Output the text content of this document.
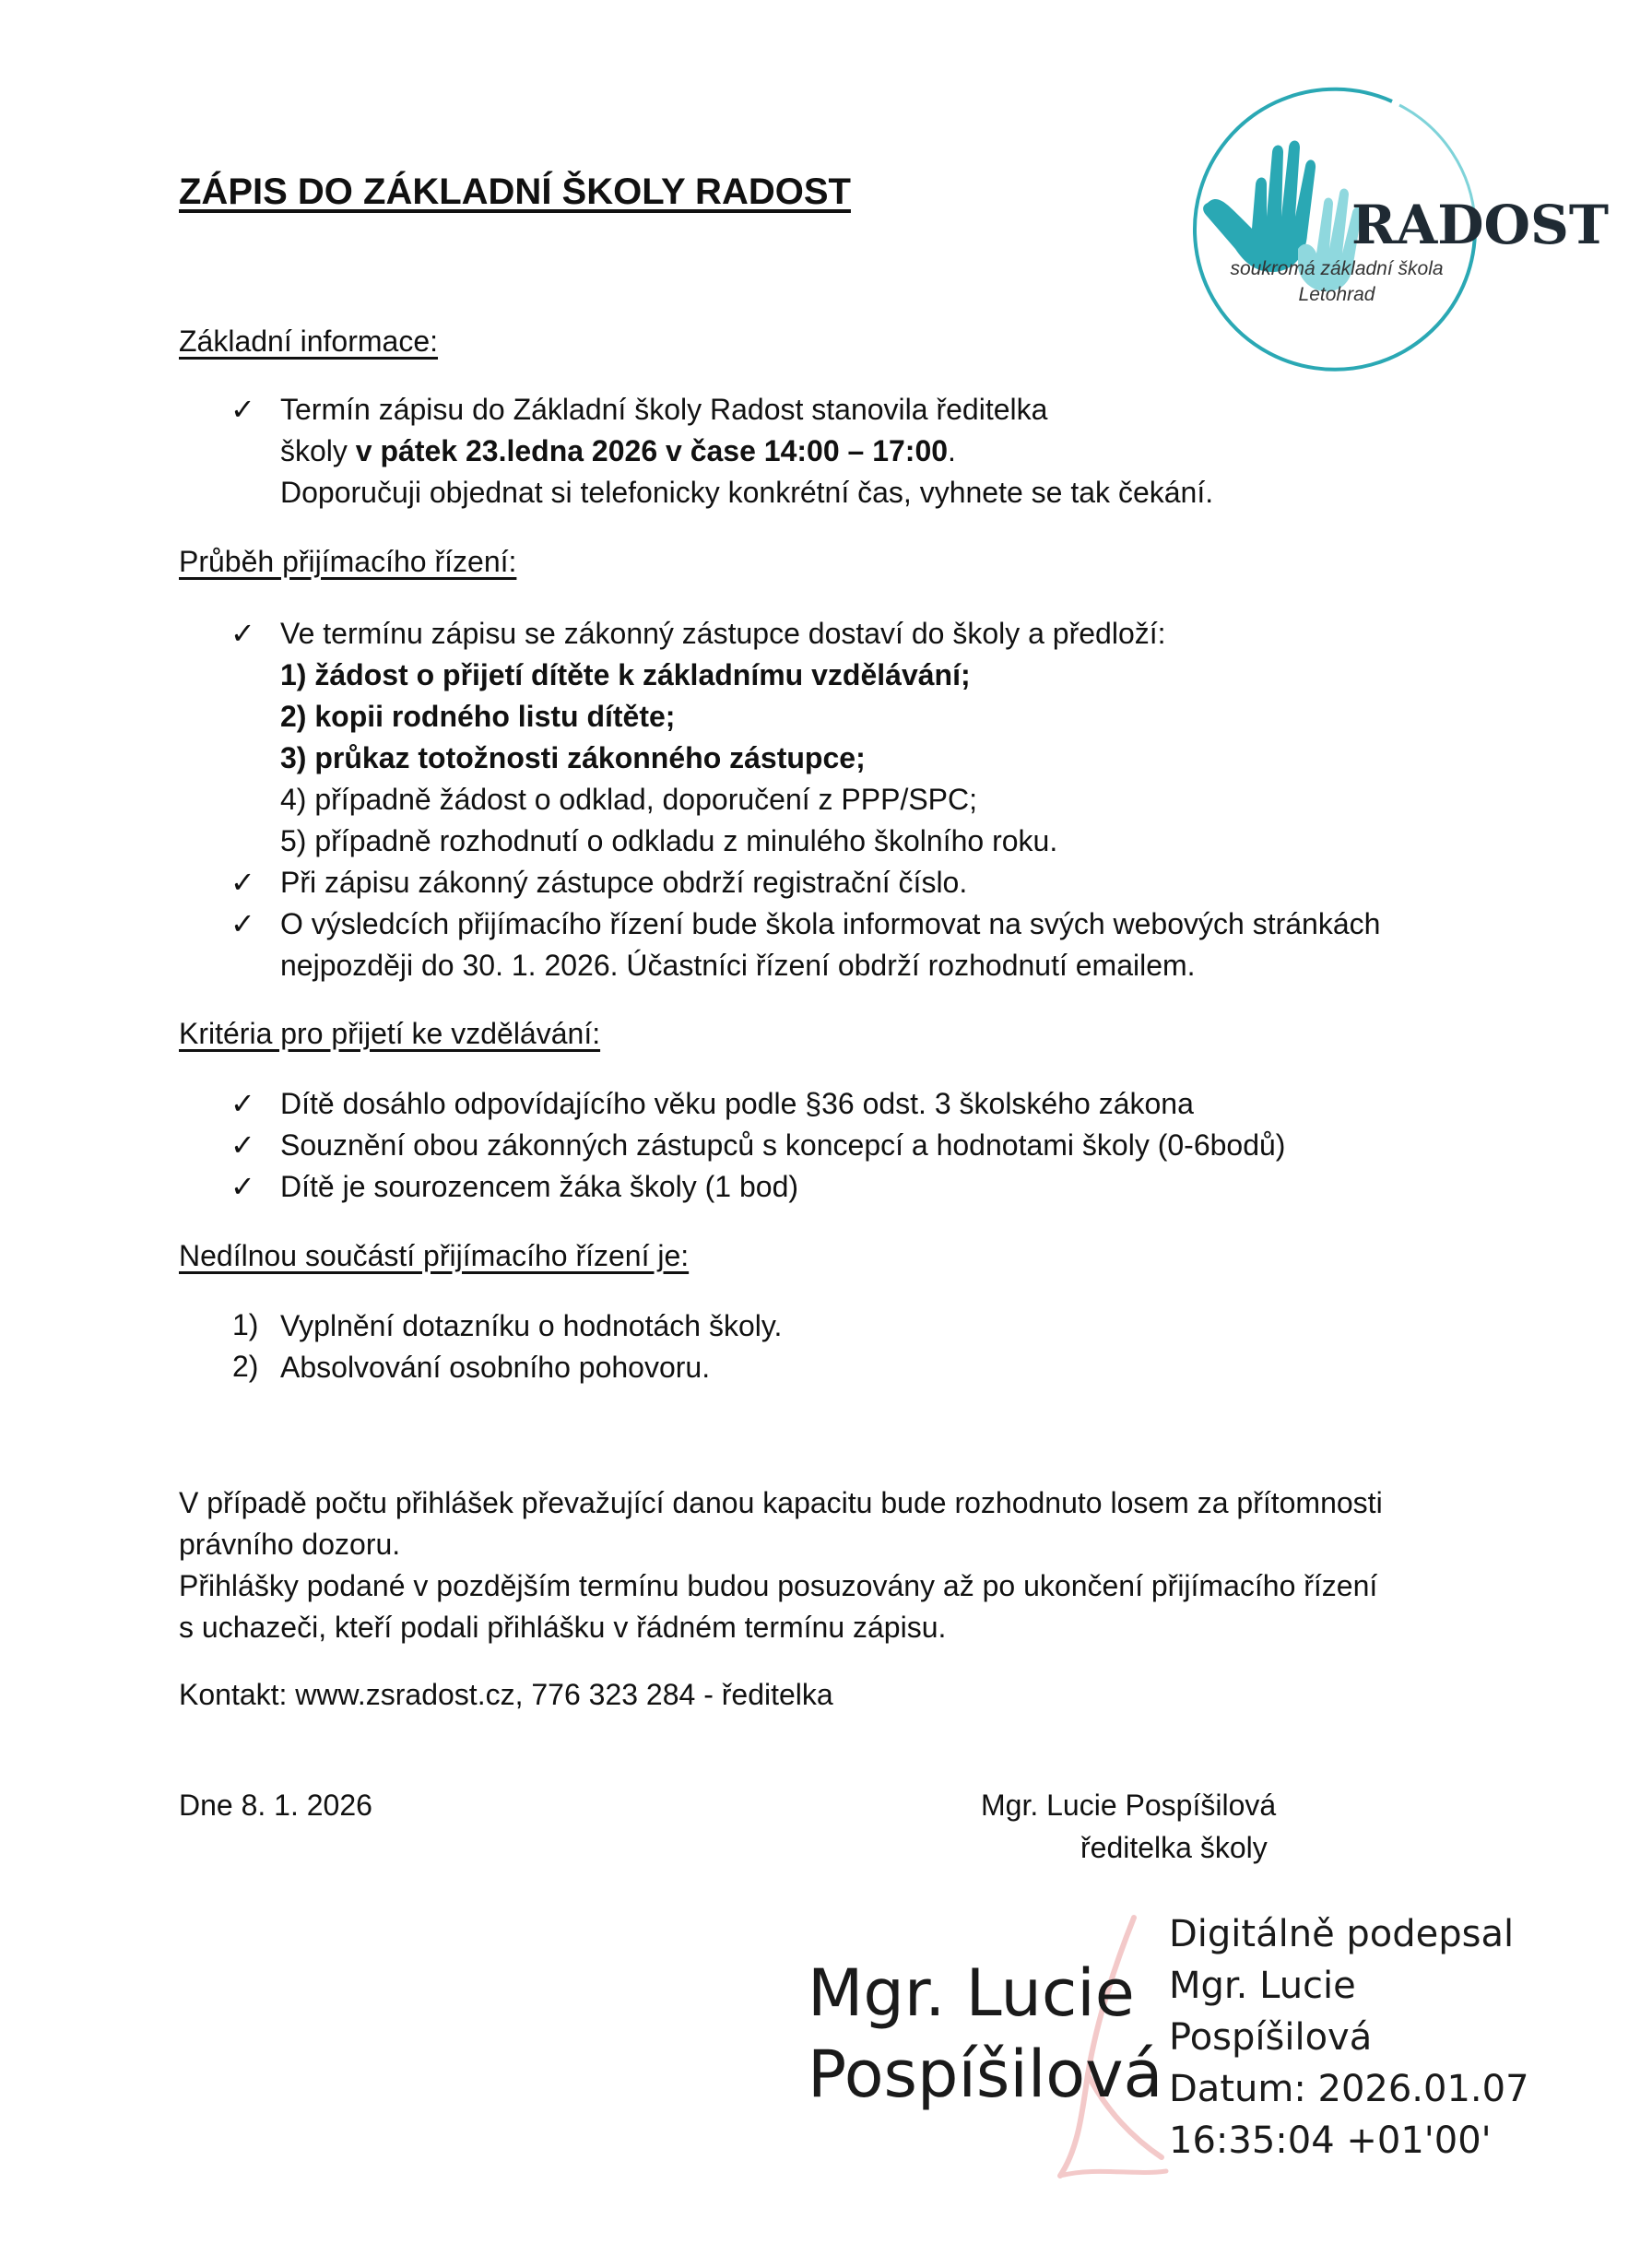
RADOST
soukromá základní škola
Letohrad
ZÁPIS DO ZÁKLADNÍ ŠKOLY RADOST
Základní informace:
✓ Termín zápisu do Základní školy Radost stanovila ředitelka
školy v pátek 23.ledna 2026 v čase 14:00 – 17:00.
Doporučuji objednat si telefonicky konkrétní čas, vyhnete se tak čekání.
Průběh přijímacího řízení:
✓ Ve termínu zápisu se zákonný zástupce dostaví do školy a předloží:
1) žádost o přijetí dítěte k základnímu vzdělávání;
2) kopii rodného listu dítěte;
3) průkaz totožnosti zákonného zástupce;
4) případně žádost o odklad, doporučení z PPP/SPC;
5) případně rozhodnutí o odkladu z minulého školního roku.
✓ Při zápisu zákonný zástupce obdrží registrační číslo.
✓ O výsledcích přijímacího řízení bude škola informovat na svých webových stránkách
nejpozději do 30. 1. 2026. Účastníci řízení obdrží rozhodnutí emailem.
Kritéria pro přijetí ke vzdělávání:
✓ Dítě dosáhlo odpovídajícího věku podle §36 odst. 3 školského zákona
✓ Souznění obou zákonných zástupců s koncepcí a hodnotami školy (0-6bodů)
✓ Dítě je sourozencem žáka školy (1 bod)
Nedílnou součástí přijímacího řízení je:
1) Vyplnění dotazníku o hodnotách školy.
2) Absolvování osobního pohovoru.
V případě počtu přihlášek převažující danou kapacitu bude rozhodnuto losem za přítomnosti
právního dozoru.
Přihlášky podané v pozdějším termínu budou posuzovány až po ukončení přijímacího řízení
s uchazeči, kteří podali přihlášku v řádném termínu zápisu.
Kontakt: www.zsradost.cz, 776 323 284 - ředitelka
Dne 8. 1. 2026	Mgr. Lucie Pospíšilová
ředitelka školy
Mgr. Lucie
Pospíšilová
Digitálně podepsal
Mgr. Lucie
Pospíšilová
Datum: 2026.01.07
16:35:04 +01'00'
